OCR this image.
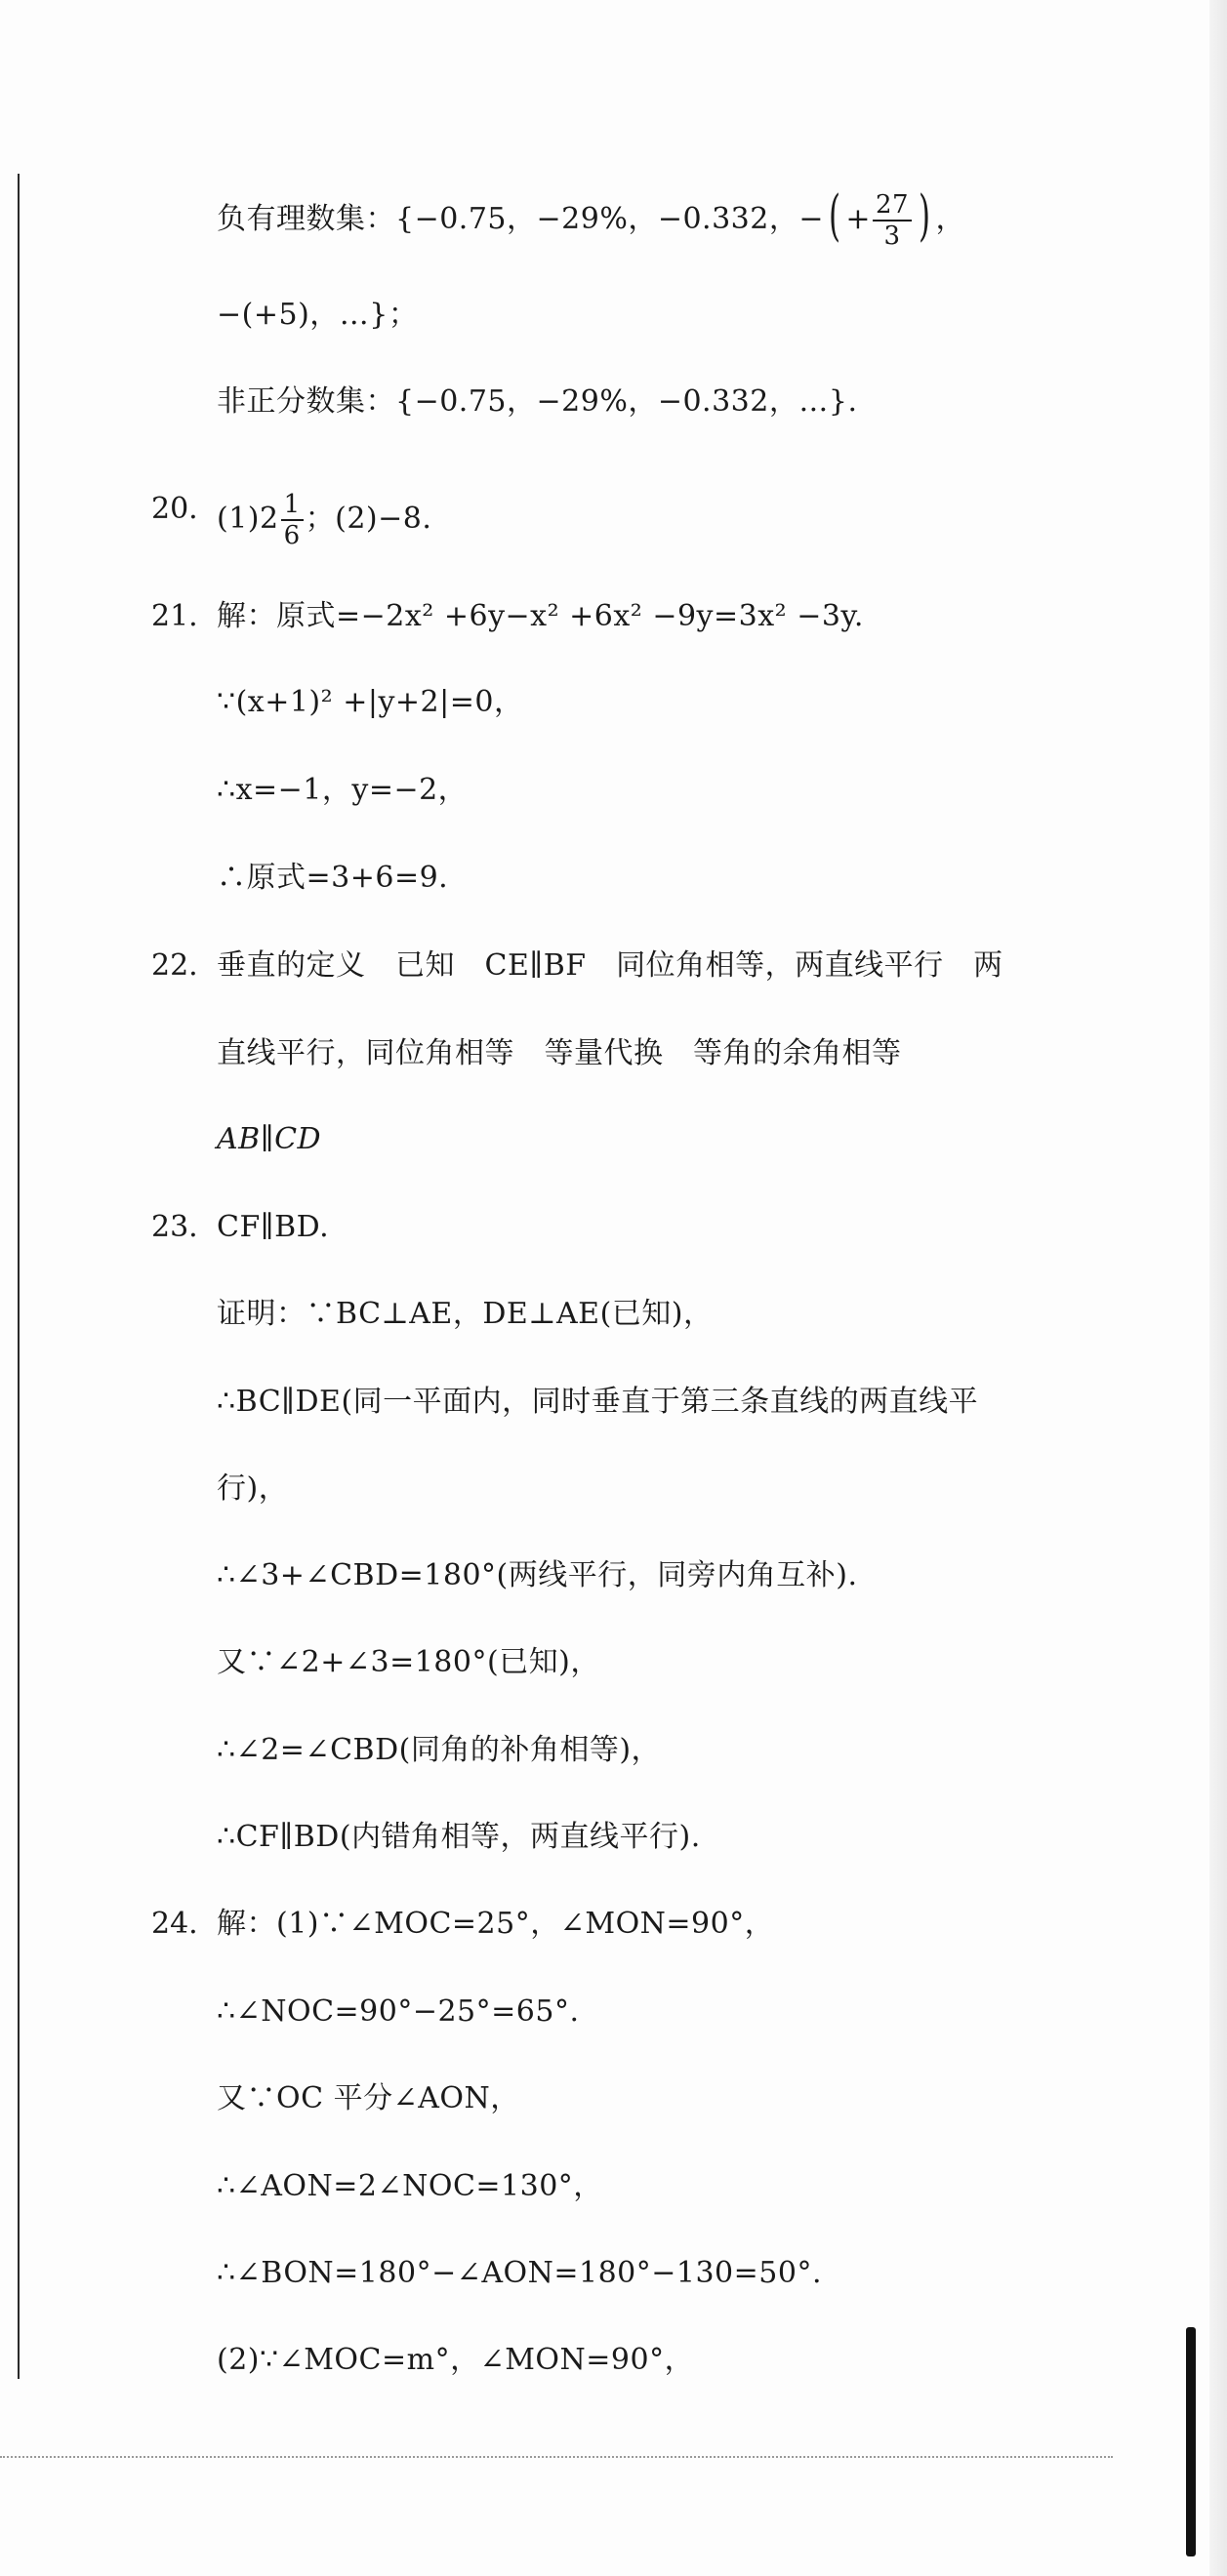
负有理数集：{−0.75，−29%，−0.332，−( + $\frac{27}{3}$ ) ，
−(+5)，…}；
非正分数集：{−0.75，−29%，−0.332，…}.
20. $(1)2 \frac{1}{6}$ ；(2)−8.
21. 解：原式=−2x² +6y−x² +6x² −9y=3x² −3y.
∵(x+1)² +|y+2|=0，
∴x=−1，y=−2，
∴原式=3+6=9.
22. 垂直的定义　已知　CE∥BF　同位角相等，两直线平行　两
直线平行，同位角相等　等量代换　等角的余角相等
AB∥CD
23. CF∥BD.
证明：∵BC⊥AE，DE⊥AE(已知)，
∴BC∥DE(同一平面内，同时垂直于第三条直线的两直线平
行)，
∴∠3+∠CBD=180°(两线平行，同旁内角互补).
又∵∠2+∠3=180°(已知)，
∴∠2=∠CBD(同角的补角相等)，
∴CF∥BD(内错角相等，两直线平行).
24. 解：(1)∵∠MOC=25°，∠MON=90°，
∴∠NOC=90°−25°=65°.
又∵OC 平分∠AON，
∴∠AON=2∠NOC=130°，
∴∠BON=180°−∠AON=180°−130=50°.
(2)∵∠MOC=m°，∠MON=90°，
